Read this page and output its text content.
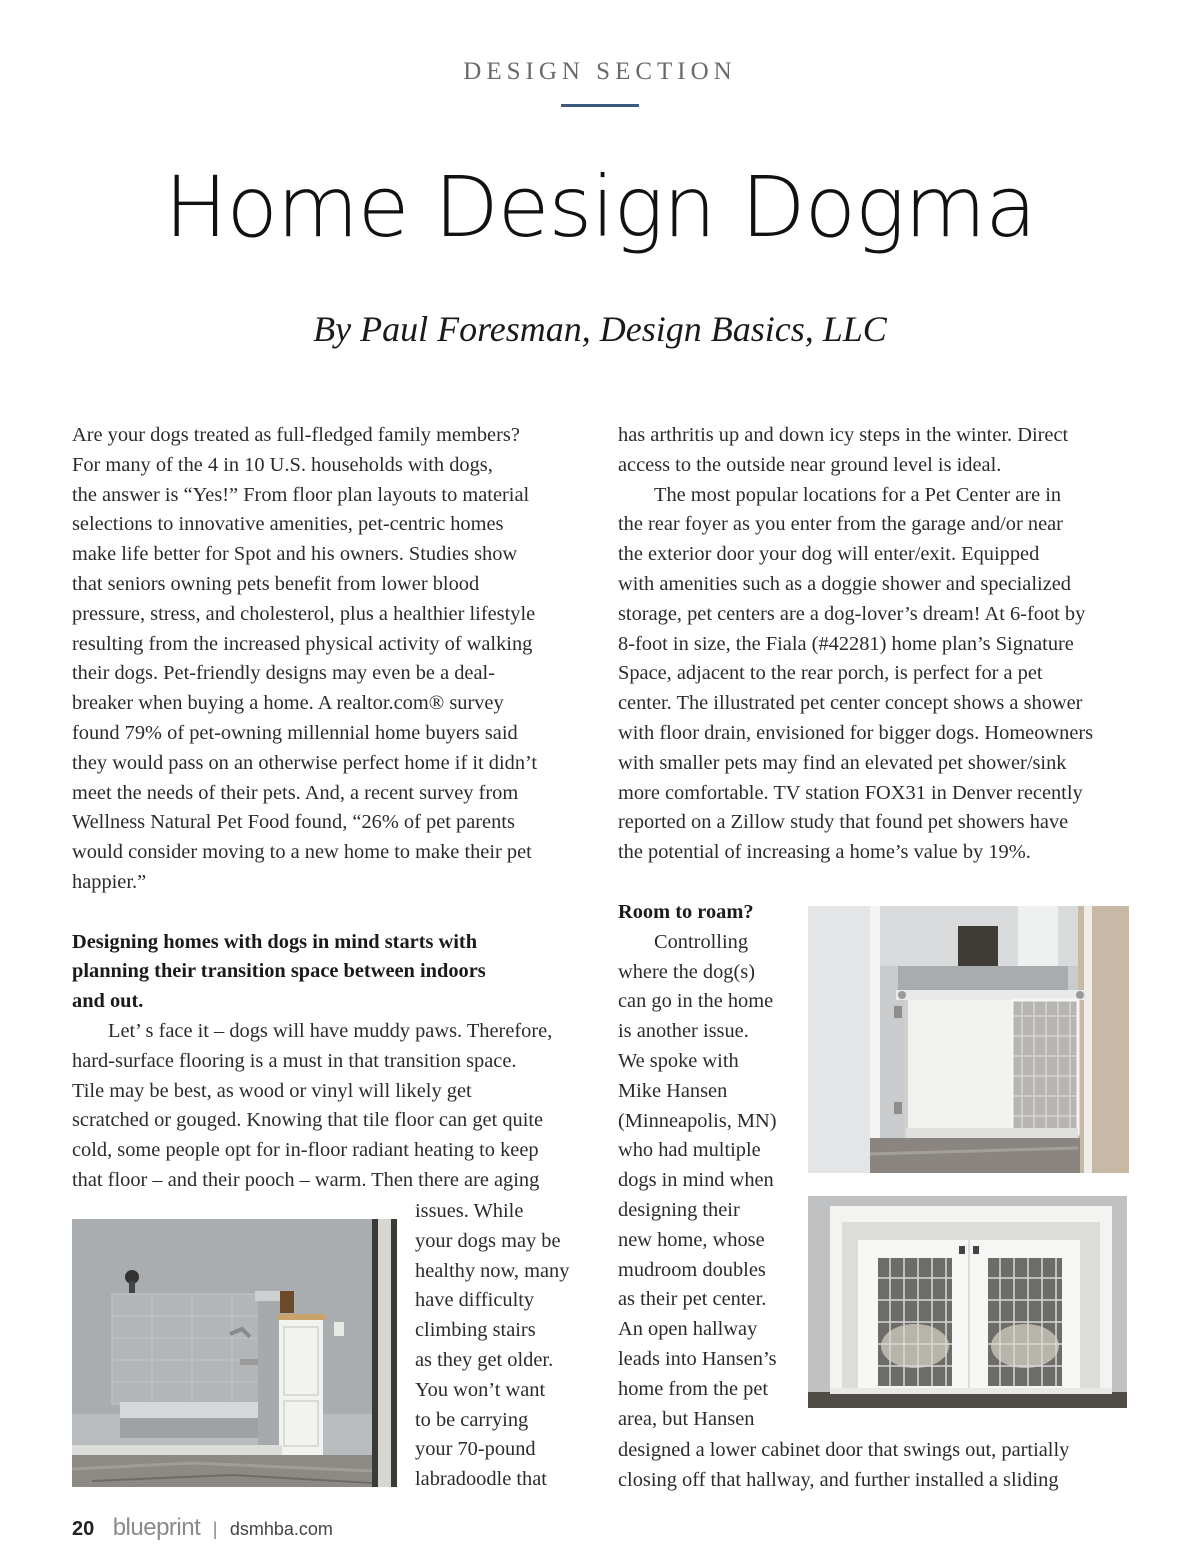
DESIGN SECTION
Home Design Dogma
By Paul Foresman, Design Basics, LLC

Are your dogs treated as full-fledged family members?

For many of the 4 in 10 U.S. households with dogs,

the answer is “Yes!” From floor plan layouts to material

selections to innovative amenities, pet-centric homes

make life better for Spot and his owners. Studies show

that seniors owning pets benefit from lower blood

pressure, stress, and cholesterol, plus a healthier lifestyle

resulting from the increased physical activity of walking

their dogs. Pet-friendly designs may even be a deal-

breaker when buying a home. A realtor.com® survey

found 79% of pet-owning millennial home buyers said

they would pass on an otherwise perfect home if it didn’t

meet the needs of their pets. And, a recent survey from

Wellness Natural Pet Food found, “26% of pet parents

would consider moving to a new home to make their pet

happier.”

Designing homes with dogs in mind starts with

planning their transition space between indoors

and out.

Let’ s face it – dogs will have muddy paws. Therefore,

hard-surface flooring is a must in that transition space.

Tile may be best, as wood or vinyl will likely get

scratched or gouged. Knowing that tile floor can get quite

cold, some people opt for in-floor radiant heating to keep

that floor – and their pooch – warm. Then there are aging

issues. While

your dogs may be

healthy now, many

have difficulty

climbing stairs

as they get older.

You won’t want

to be carrying

your 70-pound

labradoodle that

has arthritis up and down icy steps in the winter. Direct

access to the outside near ground level is ideal.

The most popular locations for a Pet Center are in

the rear foyer as you enter from the garage and/or near

the exterior door your dog will enter/exit. Equipped

with amenities such as a doggie shower and specialized

storage, pet centers are a dog-lover’s dream! At 6-foot by

8-foot in size, the Fiala (#42281) home plan’s Signature

Space, adjacent to the rear porch, is perfect for a pet

center. The illustrated pet center concept shows a shower

with floor drain, envisioned for bigger dogs. Homeowners

with smaller pets may find an elevated pet shower/sink

more comfortable. TV station FOX31 in Denver recently

reported on a Zillow study that found pet showers have

the potential of increasing a home’s value by 19%.

Room to roam?

Controlling

where the dog(s)

can go in the home

is another issue.

We spoke with

Mike Hansen

(Minneapolis, MN)

who had multiple

dogs in mind when

designing their

new home, whose

mudroom doubles

as their pet center.

An open hallway

leads into Hansen’s

home from the pet

area, but Hansen

designed a lower cabinet door that swings out, partially

closing off that hallway, and further installed a sliding

20 blueprint | dsmhba.com
